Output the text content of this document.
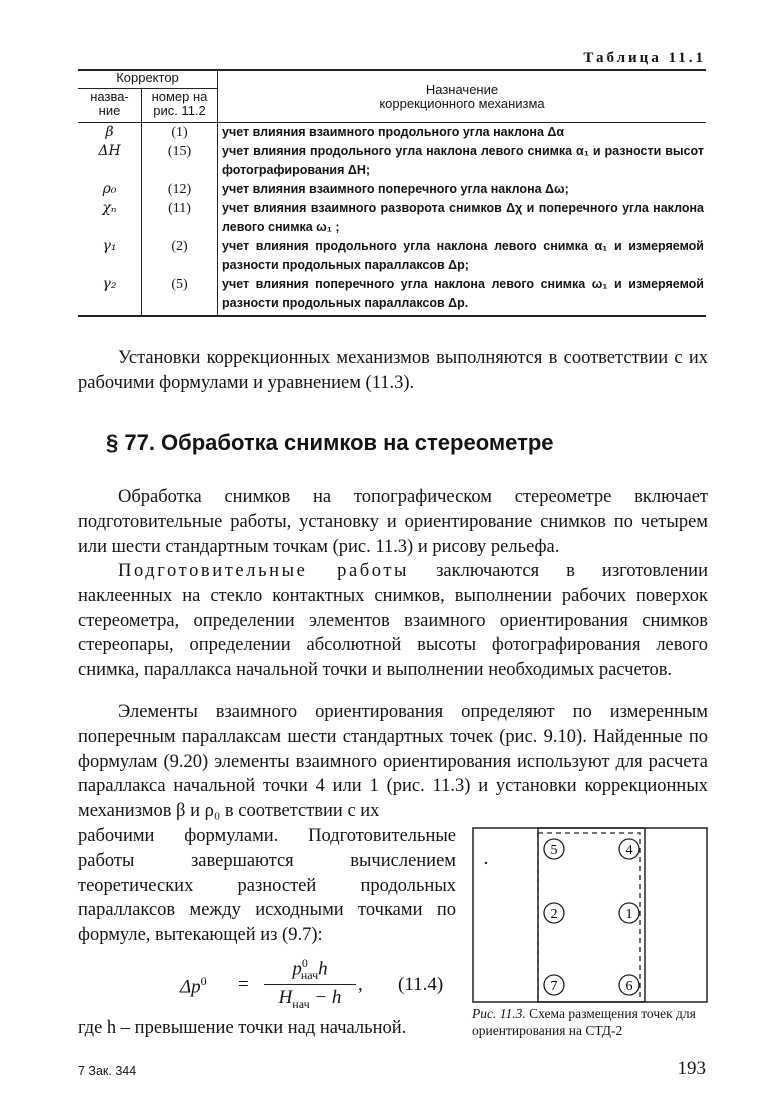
Таблица 11.1
Корректор		Назначение
коррекционного механизма
назва-
ние	номер на
рис. 11.2	
β	(1)	учет влияния взаимного продольного угла наклона Δα
ΔH	(15)	учет влияния продольного угла наклона левого снимка α₁ и разности высот фотографирования ΔH;
ρ₀	(12)	учет влияния взаимного поперечного угла наклона Δω;
χₙ	(11)	учет влияния взаимного разворота снимков Δχ и поперечного угла наклона левого снимка ω₁ ;
γ₁	(2)	учет влияния продольного угла наклона левого снимка α₁ и измеряемой разности продольных параллаксов Δp;
γ₂	(5)	учет влияния поперечного угла наклона левого снимка ω₁ и измеряемой разности продольных параллаксов Δp.
Установки коррекционных механизмов выполняются в соответствии с их рабочими формулами и уравнением (11.3).
§ 77. Обработка снимков на стереометре
Обработка снимков на топографическом стереометре включает подготовительные работы, установку и ориентирование снимков по четырем или шести стандартным точкам (рис. 11.3) и рисову рельефа.
Подготовительные работы заключаются в изготовлении наклеенных на стекло контактных снимков, выполнении рабочих поверхок стереометра, определении элементов взаимного ориентирования снимков стереопары, определении абсолютной высоты фотографирования левого снимка, параллакса начальной точки и выполнении необходимых расчетов.
Элементы взаимного ориентирования определяют по измеренным поперечным параллаксам шести стандартных точек (рис. 9.10). Найденные по формулам (9.20) элементы взаимного ориентирования используют для расчета параллакса начальной точки 4 или 1 (рис. 11.3) и установки коррекционных механизмов β и ρ₀ в соответствии с их
рабочими формулами. Подготовительные работы завершаются вычислением теоретических разностей продольных параллаксов между исходными точками по формуле, вытекающей из (9.7):
$\Delta p^0$ =
$p^0_{нач}h$
$H_{нач} - h$
, (11.4)
где h – превышение точки над начальной.
5	4
2	1
7	6
Рис. 11.3. Схема размещения точек для ориентирования на СТД-2
7 Зак. 344	193
